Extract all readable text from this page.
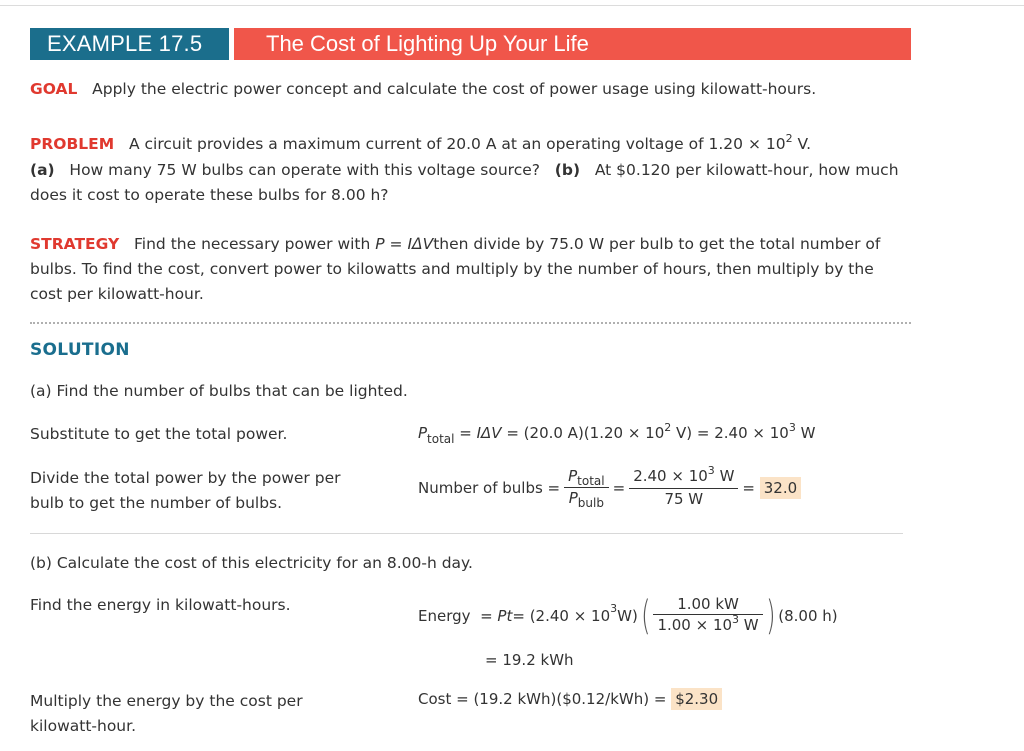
EXAMPLE 17.5	The Cost of Lighting Up Your Life
GOAL Apply the electric power concept and calculate the cost of power usage using kilowatt-hours.
PROBLEM A circuit provides a maximum current of 20.0 A at an operating voltage of $1.20 \times 10^2$ V.
(a) How many 75 W bulbs can operate with this voltage source? (b) At $0.120 per kilowatt-hour, how much does it cost to operate these bulbs for 8.00 h?
STRATEGY Find the necessary power with P = IΔVthen divide by 75.0 W per bulb to get the total number of bulbs. To find the cost, convert power to kilowatts and multiply by the number of hours, then multiply by the cost per kilowatt-hour.
SOLUTION
(a) Find the number of bulbs that can be lighted.
Substitute to get the total power.	$P_{total} = I\Delta V = (20.0$ $A)(1.20 \times 10^2$ $V) = 2.40 \times 10^3$ W
Divide the total power by the power per bulb to get the number of bulbs.
Number of bulbs = $\frac{P_{total}}{P_{bulb}} = \frac{2.40 \times 10^3 W}{75 W}$ =
32.0
(b) Calculate the cost of this electricity for an 8.00-h day.
Find the energy in kilowatt-hours.
Energy
=
Pt = (2.40 × 10 3 W) ( $\frac{1.00 kW}{1.00 \times 10^3 W}$ ) (8.00 h)
= 19.2 kWh
Multiply the energy by the cost per kilowatt-hour.
Cost = (19.2 kWh)($0.12/kWh) = $2.30
